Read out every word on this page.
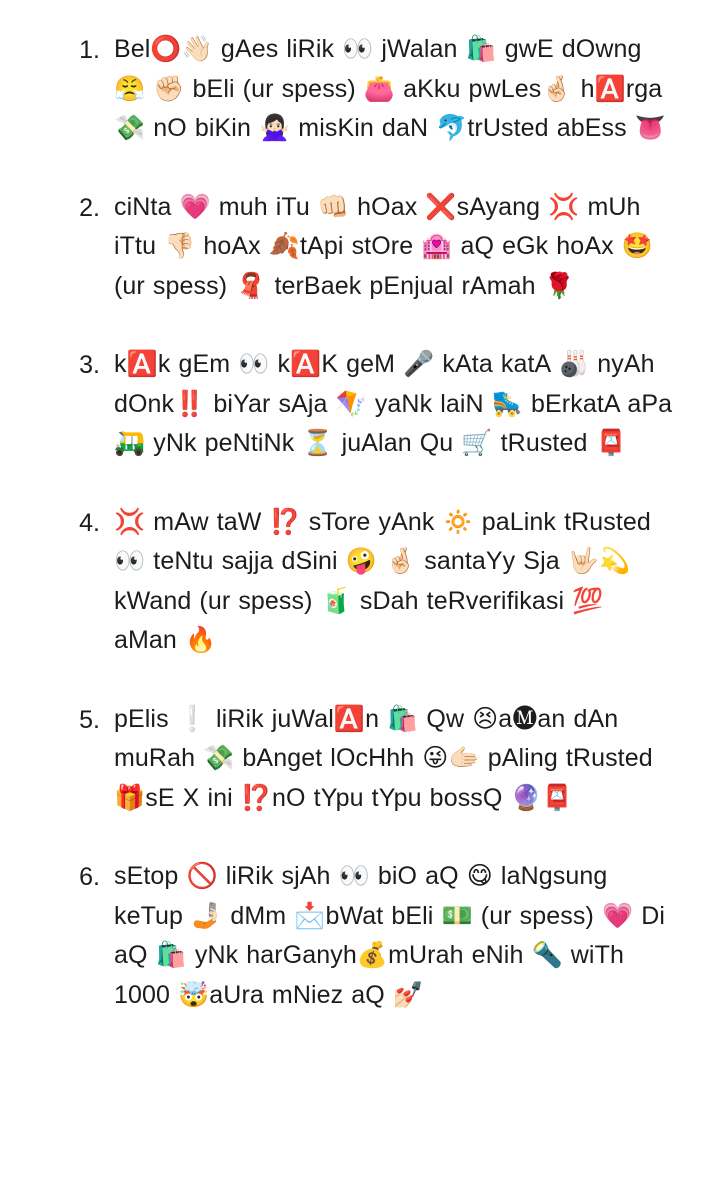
1. Bel⭕👋🏻 gAes liRik 👀 jWalan 🛍️ gwE dOwng 😤 ✊🏻 bEli (ur spess) 👛 aKku pwLes🤞🏻 h🅰️rga 💸 nO biKin 🙅🏻‍♀️ misKin daN 🐬trUsted abEss 👅
2. ciNta 💗 muh iTu 👊🏻 hOax ❌sAyang 💢 mUh iTtu 👎🏻 hoAx 🍂tApi stOre 🏩 aQ eGk hoAx 🤩(ur spess) 🧣 terBaek pEnjual rAmah 🌹
3. k🅰️k gEm 👀 k🅰️K geM 🎤 kAta katA 🎳 nyAh dOnk‼️ biYar sAja 🪁 yaNk laiN 🛼 bErkatA aPa 🛺 yNk peNtiNk ⏳ juAlan Qu 🛒 tRusted 📮
4. 💢 mAw taW ⁉️ sTore yAnk 🔅 paLink tRusted 👀 teNtu sajja dSini 🤪 🤞🏻 santaYy Sja 🤟🏻💫 kWand (ur spess) 🧃 sDah teRverifikasi 💯 aMan 🔥
5. pElis ❕ liRik juWal🅰️n 🛍️ Qw 😣a🅜an dAn muRah 💸 bAnget lOcHhh 😜🫱🏻 pAling tRusted 🎁sE X ini ⁉️nO tYpu tYpu bossQ 🔮📮
6. sEtop 🚫 liRik sjAh 👀 biO aQ 😋 laNgsung keTup 🤳🏻 dMm 📩bWat bEli 💵 (ur spess) 💗 Di aQ 🛍️ yNk harGanyh💰mUrah eNih 🔦 wiTh 1000 🤯aUra mNiez aQ 💅🏻
